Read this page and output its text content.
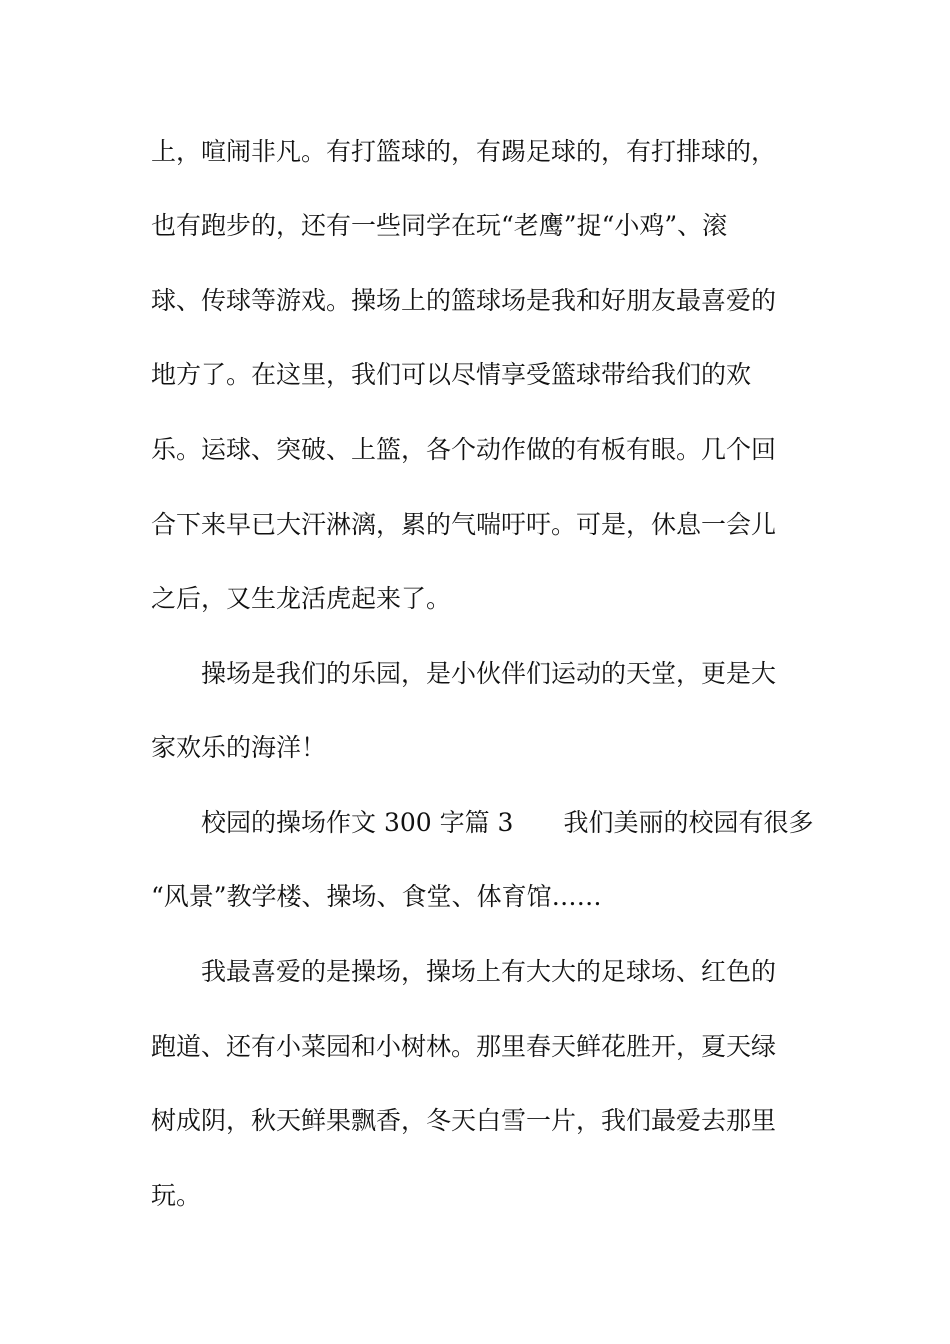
上，喧闹非凡。有打篮球的，有踢足球的，有打排球的，
也有跑步的，还有一些同学在玩“老鹰”捉“小鸡”、滚
球、传球等游戏。操场上的篮球场是我和好朋友最喜爱的
地方了。在这里，我们可以尽情享受篮球带给我们的欢
乐。运球、突破、上篮，各个动作做的有板有眼。几个回
合下来早已大汗淋漓，累的气喘吁吁。可是，休息一会儿
之后，又生龙活虎起来了。
操场是我们的乐园，是小伙伴们运动的天堂，更是大
家欢乐的海洋！
校园的操场作文 300 字篇 3　　我们美丽的校园有很多
“风景”教学楼、操场、食堂、体育馆……
我最喜爱的是操场，操场上有大大的足球场、红色的
跑道、还有小菜园和小树林。那里春天鲜花胜开，夏天绿
树成阴，秋天鲜果飘香，冬天白雪一片，我们最爱去那里
玩。
